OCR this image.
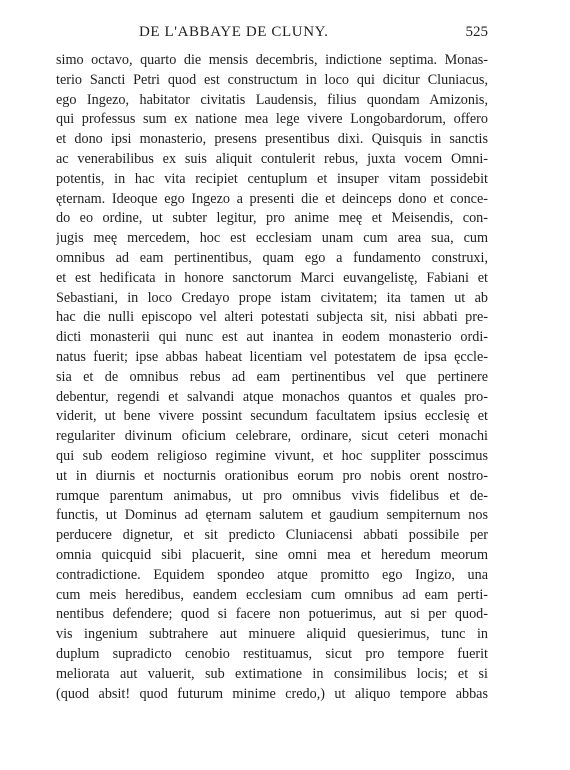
DE L'ABBAYE DE CLUNY.	525
simo octavo, quarto die mensis decembris, indictione septima. Monas-
terio Sancti Petri quod est constructum in loco qui dicitur Cluniacus,
ego Ingezo, habitator civitatis Laudensis, filius quondam Amizonis,
qui professus sum ex natione mea lege vivere Longobardorum, offero
et dono ipsi monasterio, presens presentibus dixi. Quisquis in sanctis
ac venerabilibus ex suis aliquit contulerit rebus, juxta vocem Omni-
potentis, in hac vita recipiet centuplum et insuper vitam possidebit
ęternam. Ideoque ego Ingezo a presenti die et deinceps dono et conce-
do eo ordine, ut subter legitur, pro anime meę et Meisendis, con-
jugis meę mercedem, hoc est ecclesiam unam cum area sua, cum
omnibus ad eam pertinentibus, quam ego a fundamento construxi,
et est hedificata in honore sanctorum Marci euvangelistę, Fabiani et
Sebastiani, in loco Credayo prope istam civitatem; ita tamen ut ab
hac die nulli episcopo vel alteri potestati subjecta sit, nisi abbati pre-
dicti monasterii qui nunc est aut inantea in eodem monasterio ordi-
natus fuerit; ipse abbas habeat licentiam vel potestatem de ipsa ęccle-
sia et de omnibus rebus ad eam pertinentibus vel que pertinere
debentur, regendi et salvandi atque monachos quantos et quales pro-
viderit, ut bene vivere possint secundum facultatem ipsius ecclesię et
regulariter divinum oficium celebrare, ordinare, sicut ceteri monachi
qui sub eodem religioso regimine vivunt, et hoc suppliter posscimus
ut in diurnis et nocturnis orationibus eorum pro nobis orent nostro-
rumque parentum animabus, ut pro omnibus vivis fidelibus et de-
functis, ut Dominus ad ęternam salutem et gaudium sempiternum nos
perducere dignetur, et sit predicto Cluniacensi abbati possibile per
omnia quicquid sibi placuerit, sine omni mea et heredum meorum
contradictione. Equidem spondeo atque promitto ego Ingizo, una
cum meis heredibus, eandem ecclesiam cum omnibus ad eam perti-
nentibus defendere; quod si facere non potuerimus, aut si per quod-
vis ingenium subtrahere aut minuere aliquid quesierimus, tunc in
duplum supradicto cenobio restituamus, sicut pro tempore fuerit
meliorata aut valuerit, sub extimatione in consimilibus locis; et si
(quod absit! quod futurum minime credo,) ut aliquo tempore abbas
